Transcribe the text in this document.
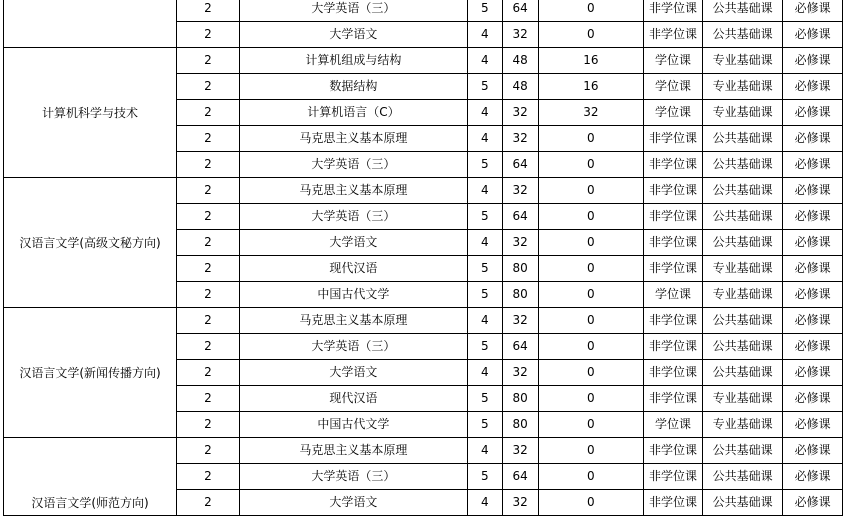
	2	大学英语（三）	5	64	0	非学位课	公共基础课	必修课
	2	大学语文	4	32	0	非学位课	公共基础课	必修课
计算机科学与技术	2	计算机组成与结构	4	48	16	学位课	专业基础课	必修课
	2	数据结构	5	48	16	学位课	专业基础课	必修课
	2	计算机语言（C）	4	32	32	学位课	专业基础课	必修课
	2	马克思主义基本原理	4	32	0	非学位课	公共基础课	必修课
	2	大学英语（三）	5	64	0	非学位课	公共基础课	必修课
汉语言文学(高级文秘方向)	2	马克思主义基本原理	4	32	0	非学位课	公共基础课	必修课
	2	大学英语（三）	5	64	0	非学位课	公共基础课	必修课
	2	大学语文	4	32	0	非学位课	公共基础课	必修课
	2	现代汉语	5	80	0	非学位课	专业基础课	必修课
	2	中国古代文学	5	80	0	学位课	专业基础课	必修课
汉语言文学(新闻传播方向)	2	马克思主义基本原理	4	32	0	非学位课	公共基础课	必修课
	2	大学英语（三）	5	64	0	非学位课	公共基础课	必修课
	2	大学语文	4	32	0	非学位课	公共基础课	必修课
	2	现代汉语	5	80	0	非学位课	专业基础课	必修课
	2	中国古代文学	5	80	0	学位课	专业基础课	必修课
汉语言文学(师范方向)	2	马克思主义基本原理	4	32	0	非学位课	公共基础课	必修课
	2	大学英语（三）	5	64	0	非学位课	公共基础课	必修课
	2	大学语文	4	32	0	非学位课	公共基础课	必修课
